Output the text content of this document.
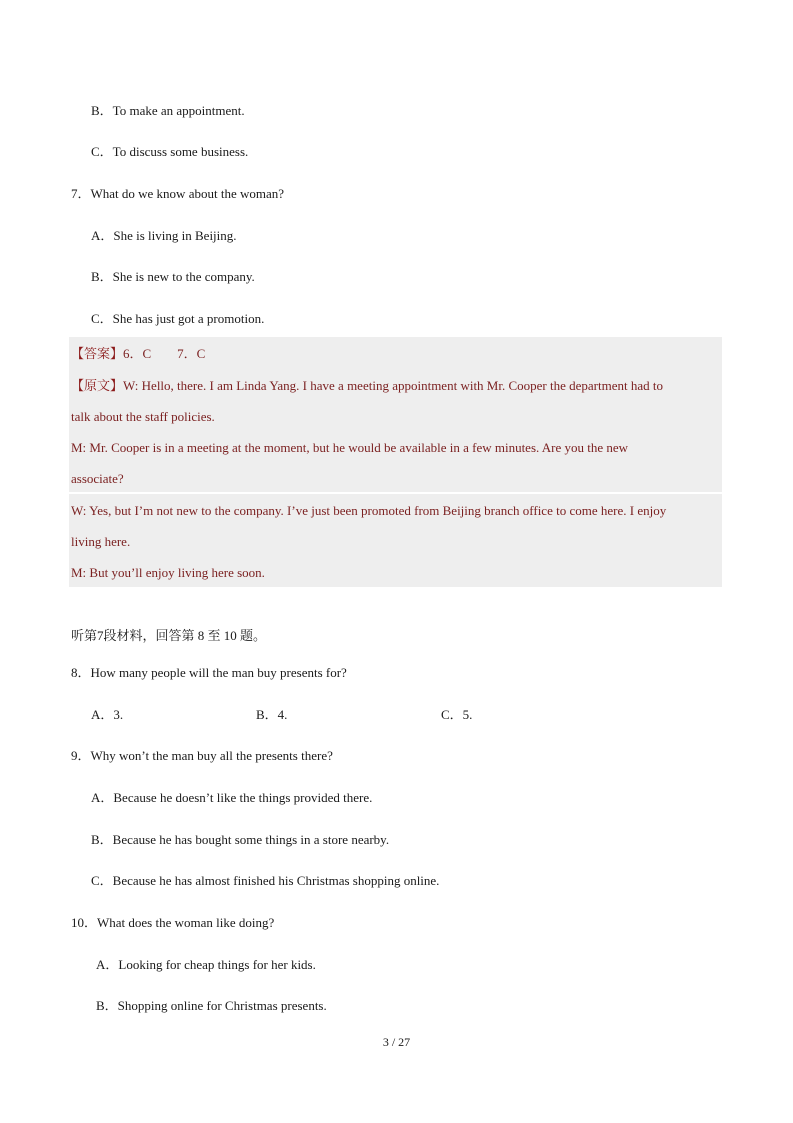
B．To make an appointment.
C．To discuss some business.
7．What do we know about the woman?
A．She is living in Beijing.
B．She is new to the company.
C．She has just got a promotion.
【答案】6．C　　7．C
【原文】W: Hello, there. I am Linda Yang. I have a meeting appointment with Mr. Cooper the department had to
talk about the staff policies.
M: Mr. Cooper is in a meeting at the moment, but he would be available in a few minutes. Are you the new
associate?
W: Yes, but I’m not new to the company. I’ve just been promoted from Beijing branch office to come here. I enjoy
living here.
M: But you’ll enjoy living here soon.
听第7段材料，回答第 8 至 10 题。
8．How many people will the man buy presents for?
A．3.	B．4.	C．5.
9．Why won’t the man buy all the presents there?
A．Because he doesn’t like the things provided there.
B．Because he has bought some things in a store nearby.
C．Because he has almost finished his Christmas shopping online.
10．What does the woman like doing?
A．Looking for cheap things for her kids.
B．Shopping online for Christmas presents.
3 / 27
